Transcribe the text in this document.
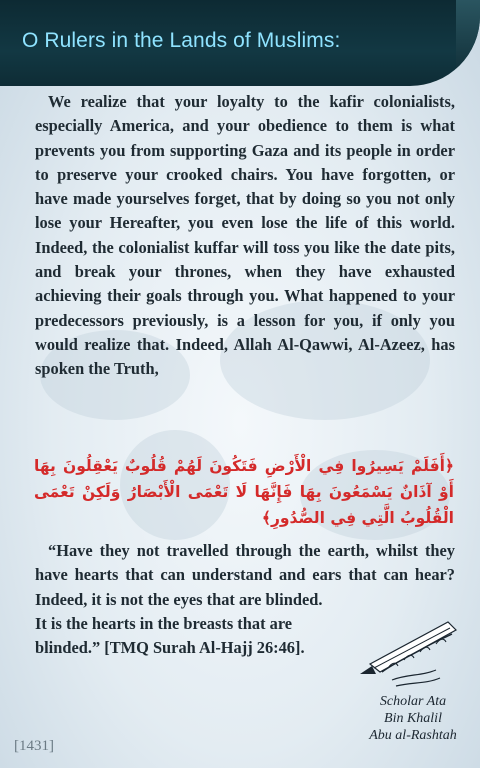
O Rulers in the Lands of Muslims:

We realize that your loyalty to the kafir colonialists, especially America, and your obedience to them is what prevents you from supporting Gaza and its people in order to preserve your crooked chairs. You have forgotten, or have made yourselves forget, that by doing so you not only lose your Hereafter, you even lose the life of this world. Indeed, the colonialist kuffar will toss you like the date pits, and break your thrones, when they have exhausted achieving their goals through you. What happened to your predecessors previously, is a lesson for you, if only you would realize that. Indeed, Allah Al-Qawwi, Al-Azeez, has spoken the Truth,

﴿أَفَلَمْ يَسِيرُوا فِي الْأَرْضِ فَتَكُونَ لَهُمْ قُلُوبٌ يَعْقِلُونَ بِهَا أَوْ آذَانٌ يَسْمَعُونَ بِهَا فَإِنَّهَا لَا تَعْمَى الْأَبْصَارُ وَلَكِنْ تَعْمَى الْقُلُوبُ الَّتِي فِي الصُّدُورِ﴾
“Have they not travelled through the earth, whilst they have hearts that can understand and ears that can hear? Indeed, it is not the eyes that are blinded.
It is the hearts in the breasts that are
blinded.” [TMQ Surah Al-Hajj 26:46].
Scholar Ata
Bin Khalil
Abu al-Rashtah
[1431]
